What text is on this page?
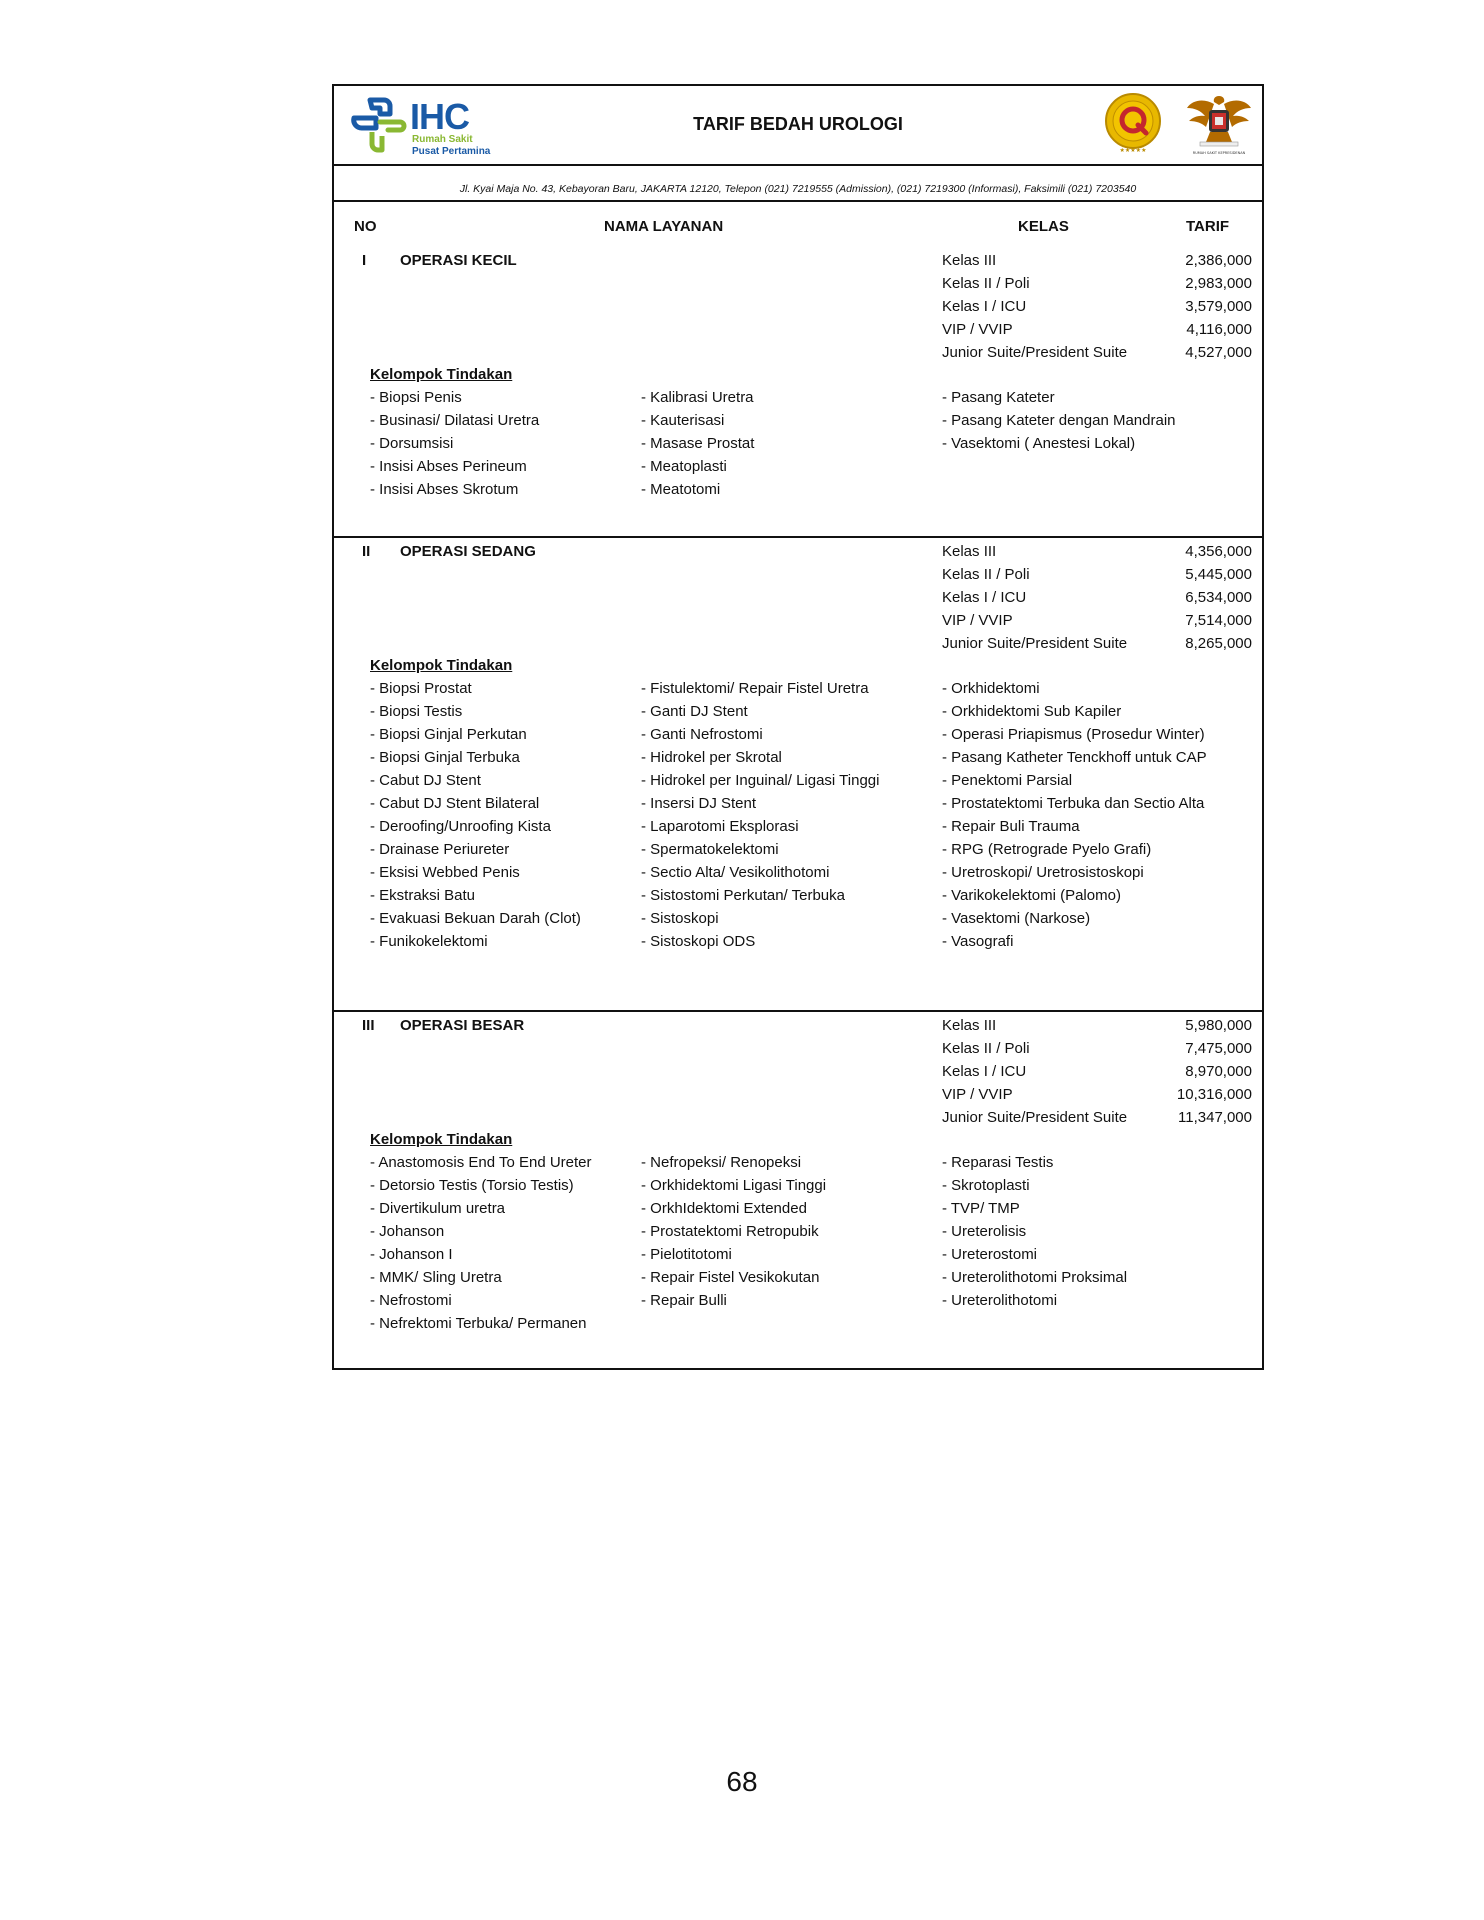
IHC
Rumah Sakit
Pusat Pertamina
TARIF BEDAH UROLOGI
★★★★★	RUMAH SAKIT KEPRESIDENAN
Jl. Kyai Maja No. 43, Kebayoran Baru, JAKARTA 12120, Telepon (021) 7219555 (Admission), (021) 7219300 (Informasi), Faksimili (021) 7203540
NO	NAMA LAYANAN	KELAS	TARIF
I OPERASI KECIL	Kelas III	2,386,000
Kelas II / Poli	2,983,000
Kelas I / ICU	3,579,000
VIP / VVIP	4,116,000
Junior Suite/President Suite	4,527,000
Kelompok Tindakan
- Biopsi Penis
- Businasi/ Dilatasi Uretra
- Dorsumsisi
- Insisi Abses Perineum
- Insisi Abses Skrotum
- Kalibrasi Uretra
- Kauterisasi
- Masase Prostat
- Meatoplasti
- Meatotomi
- Pasang Kateter
- Pasang Kateter dengan Mandrain
- Vasektomi ( Anestesi Lokal)
II OPERASI SEDANG	Kelas III	4,356,000
Kelas II / Poli	5,445,000
Kelas I / ICU	6,534,000
VIP / VVIP	7,514,000
Junior Suite/President Suite	8,265,000
Kelompok Tindakan
- Biopsi Prostat
- Biopsi Testis
- Biopsi Ginjal Perkutan
- Biopsi Ginjal Terbuka
- Cabut DJ Stent
- Cabut DJ Stent Bilateral
- Deroofing/Unroofing Kista
- Drainase Periureter
- Eksisi Webbed Penis
- Ekstraksi Batu
- Evakuasi Bekuan Darah (Clot)
- Funikokelektomi
- Fistulektomi/ Repair Fistel Uretra
- Ganti DJ Stent
- Ganti Nefrostomi
- Hidrokel per Skrotal
- Hidrokel per Inguinal/ Ligasi Tinggi
- Insersi DJ Stent
- Laparotomi Eksplorasi
- Spermatokelektomi
- Sectio Alta/ Vesikolithotomi
- Sistostomi Perkutan/ Terbuka
- Sistoskopi
- Sistoskopi ODS
- Orkhidektomi
- Orkhidektomi Sub Kapiler
- Operasi Priapismus (Prosedur Winter)
- Pasang Katheter Tenckhoff untuk CAP
- Penektomi Parsial
- Prostatektomi Terbuka dan Sectio Alta
- Repair Buli Trauma
- RPG (Retrograde Pyelo Grafi)
- Uretroskopi/ Uretrosistoskopi
- Varikokelektomi (Palomo)
- Vasektomi (Narkose)
- Vasografi
III OPERASI BESAR	Kelas III	5,980,000
Kelas II / Poli	7,475,000
Kelas I / ICU	8,970,000
VIP / VVIP	10,316,000
Junior Suite/President Suite	11,347,000
Kelompok Tindakan
- Anastomosis End To End Ureter
- Detorsio Testis (Torsio Testis)
- Divertikulum uretra
- Johanson
- Johanson I
- MMK/ Sling Uretra
- Nefrostomi
- Nefrektomi Terbuka/ Permanen
- Nefropeksi/ Renopeksi
- Orkhidektomi Ligasi Tinggi
- OrkhIdektomi Extended
- Prostatektomi Retropubik
- Pielotitotomi
- Repair Fistel Vesikokutan
- Repair Bulli
- Reparasi Testis
- Skrotoplasti
- TVP/ TMP
- Ureterolisis
- Ureterostomi
- Ureterolithotomi Proksimal
- Ureterolithotomi
68
